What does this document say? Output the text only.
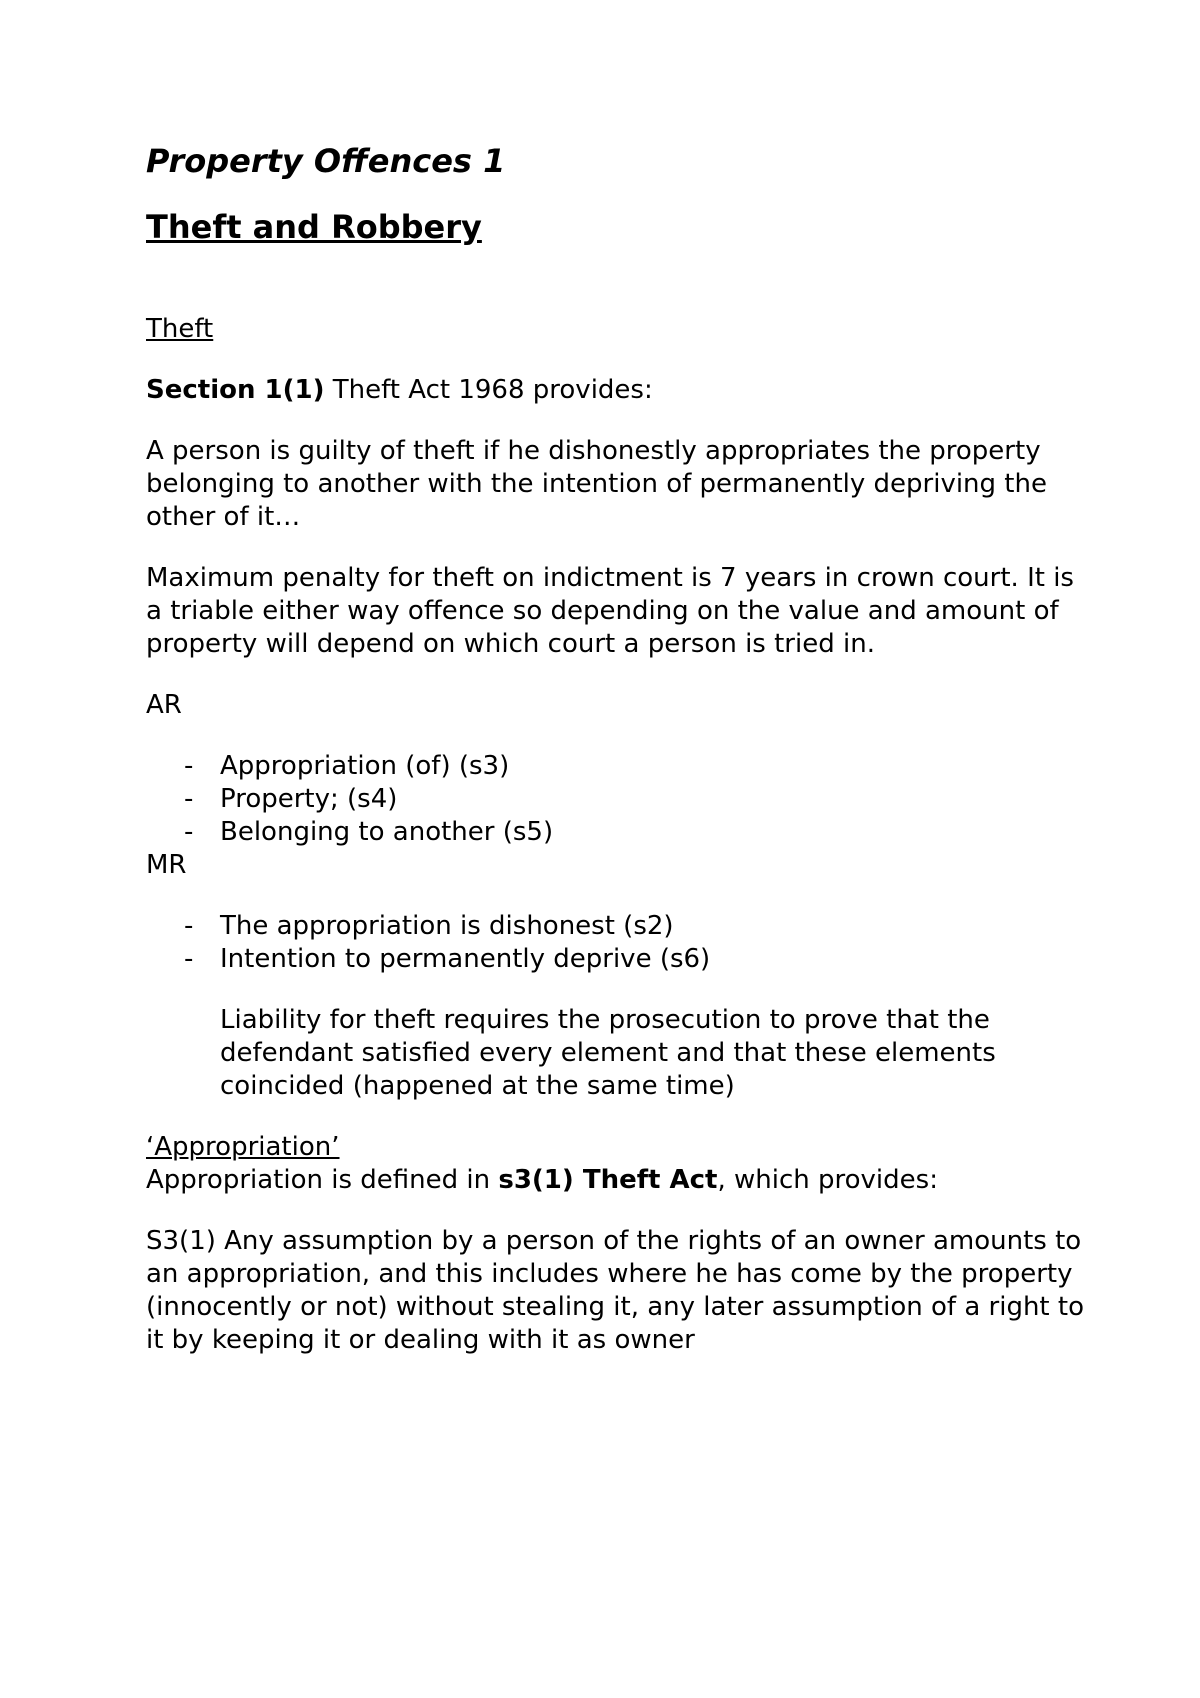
Property Offences 1
Theft and Robbery
Theft
Section 1(1) Theft Act 1968 provides:
A person is guilty of theft if he dishonestly appropriates the property belonging to another with the intention of permanently depriving the other of it…
Maximum penalty for theft on indictment is 7 years in crown court. It is a triable either way offence so depending on the value and amount of property will depend on which court a person is tried in.
AR
- Appropriation (of) (s3)
- Property; (s4)
- Belonging to another (s5)
MR
- The appropriation is dishonest (s2)
- Intention to permanently deprive (s6)
Liability for theft requires the prosecution to prove that the defendant satisfied every element and that these elements coincided (happened at the same time)
‘Appropriation’
Appropriation is defined in s3(1) Theft Act, which provides:
S3(1) Any assumption by a person of the rights of an owner amounts to an appropriation, and this includes where he has come by the property (innocently or not) without stealing it, any later assumption of a right to it by keeping it or dealing with it as owner
